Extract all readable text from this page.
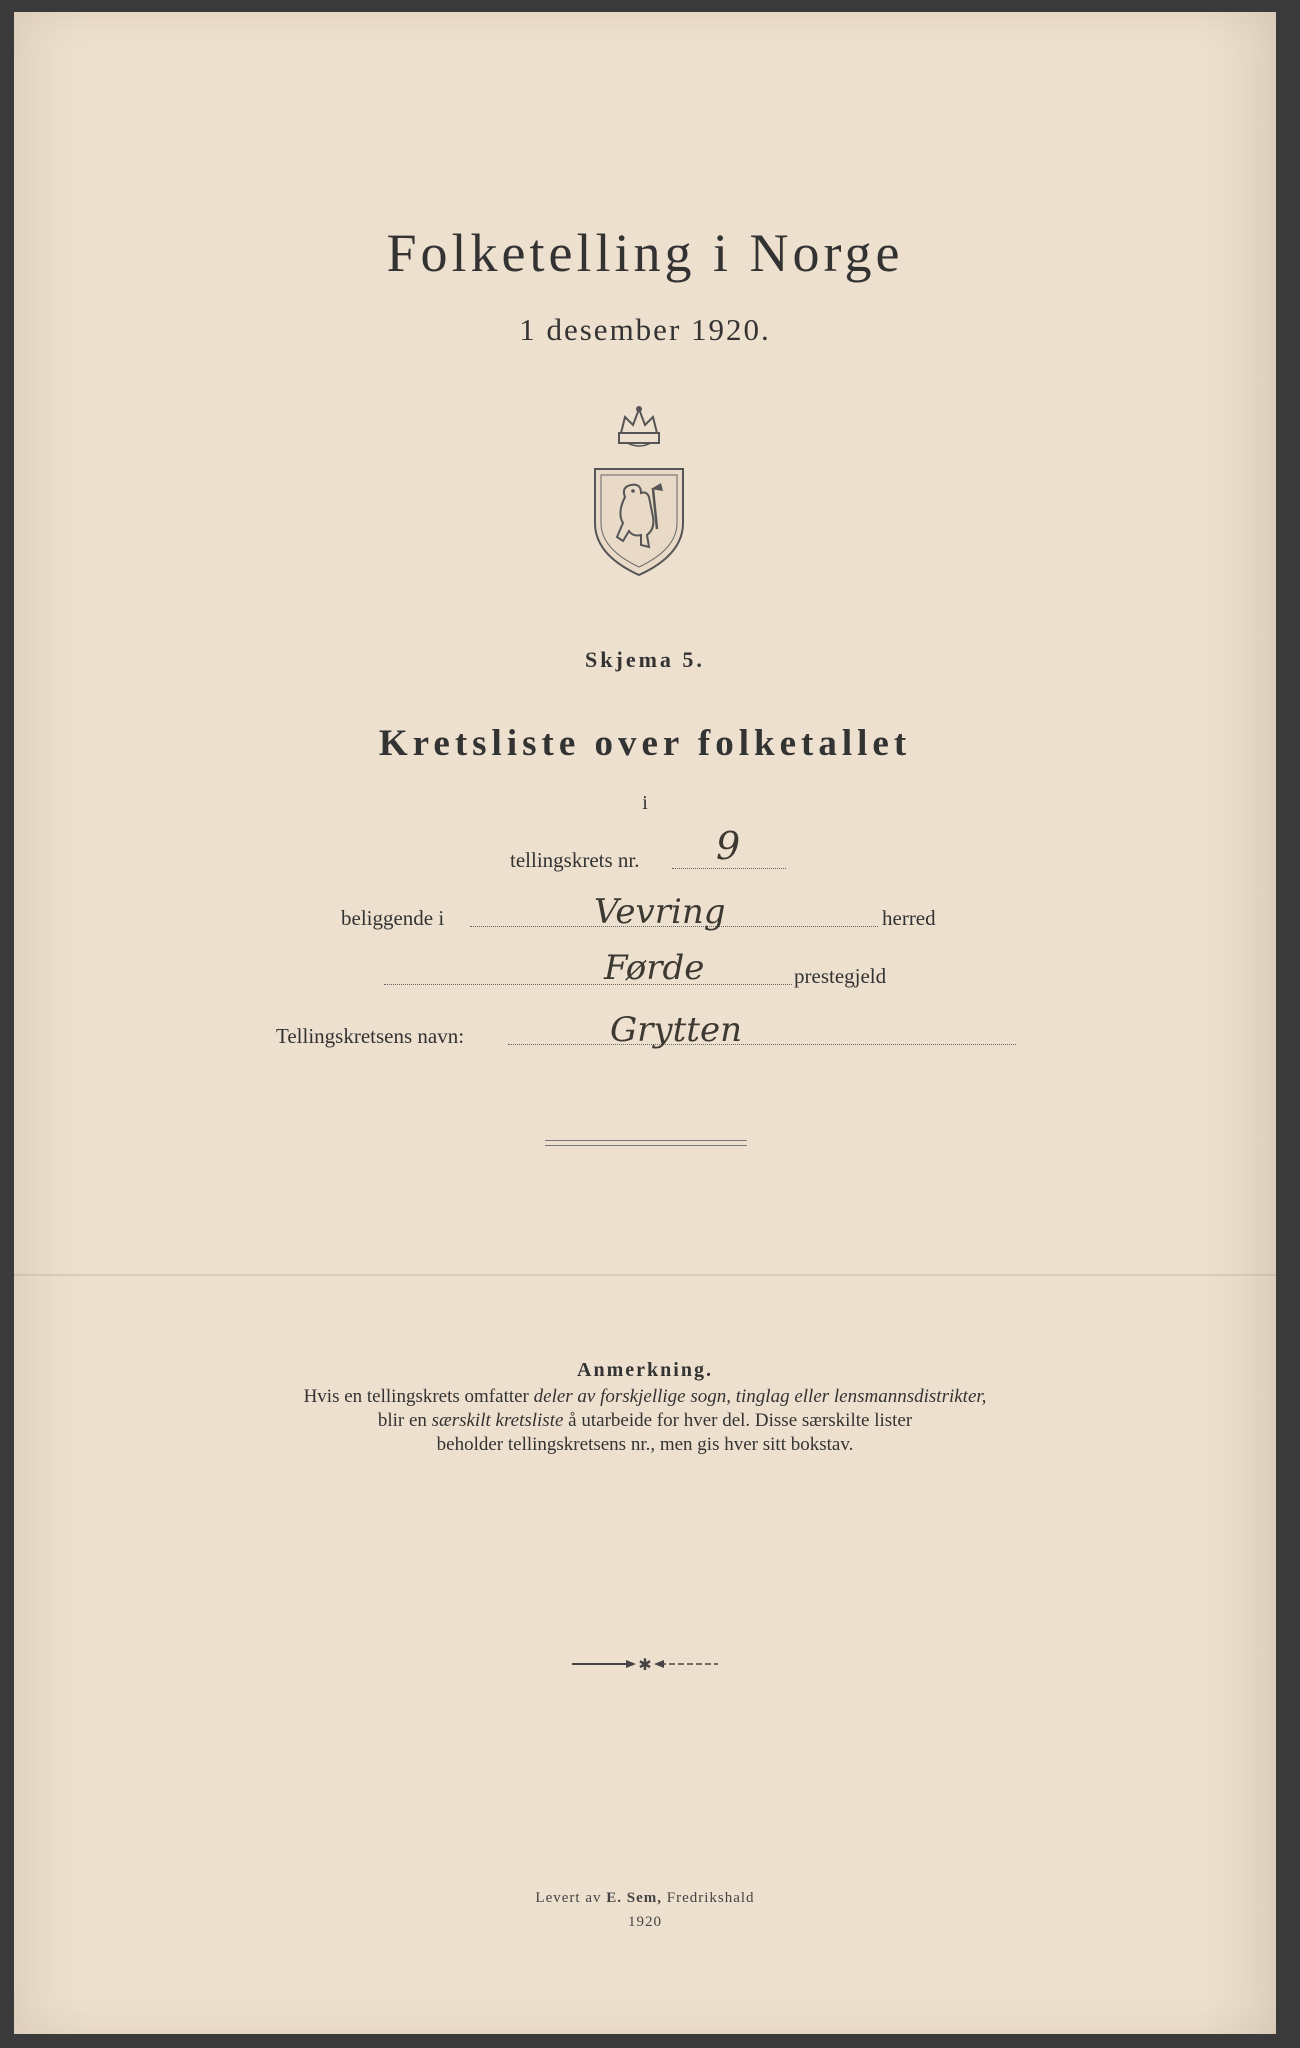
Folketelling i Norge
1 desember 1920.
Skjema 5.
Kretsliste over folketallet
i
tellingskrets nr. 9
beliggende i	Vevring	herred
Førde	prestegjeld
Tellingskretsens navn:	Grytten
Anmerkning.
Hvis en tellingskrets omfatter deler av forskjellige sogn, tinglag eller lensmannsdistrikter,
blir en særskilt kretsliste å utarbeide for hver del. Disse særskilte lister
beholder tellingskretsens nr., men gis hver sitt bokstav.
✱
Levert av E. Sem, Fredrikshald
1920
